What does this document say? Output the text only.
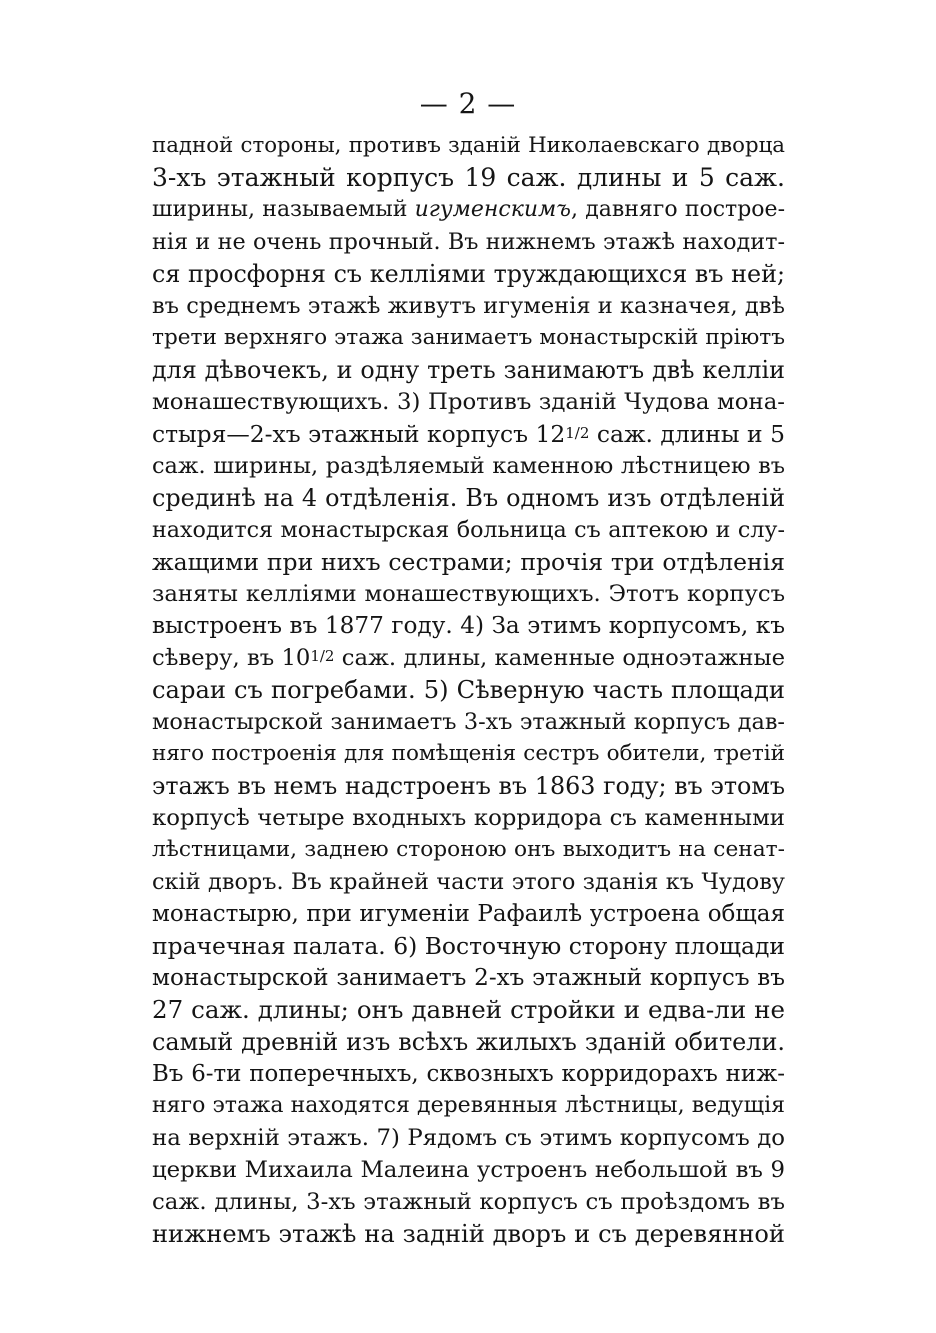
— 2 —
падной стороны, противъ зданій Николаевскаго дворца
3-хъ этажный корпусъ 19 саж. длины и 5 саж.
ширины, называемый игуменскимъ, давняго построе-
нія и не очень прочный. Въ нижнемъ этажѣ находит-
ся просфорня съ келліями труждающихся въ ней;
въ среднемъ этажѣ живутъ игуменія и казначея, двѣ
трети верхняго этажа занимаетъ монастырскій пріютъ
для дѣвочекъ, и одну треть занимаютъ двѣ келліи
монашествующихъ. 3) Противъ зданій Чудова мона-
стыря—2-хъ этажный корпусъ 121/2 саж. длины и 5
саж. ширины, раздѣляемый каменною лѣстницею въ
срединѣ на 4 отдѣленія. Въ одномъ изъ отдѣленій
находится монастырская больница съ аптекою и слу-
жащими при нихъ сестрами; прочія три отдѣленія
заняты келліями монашествующихъ. Этотъ корпусъ
выстроенъ въ 1877 году. 4) За этимъ корпусомъ, къ
сѣверу, въ 101/2 саж. длины, каменные одноэтажные
сараи съ погребами. 5) Сѣверную часть площади
монастырской занимаетъ 3-хъ этажный корпусъ дав-
няго построенія для помѣщенія сестръ обители, третій
этажъ въ немъ надстроенъ въ 1863 году; въ этомъ
корпусѣ четыре входныхъ корридора съ каменными
лѣстницами, заднею стороною онъ выходитъ на сенат-
скій дворъ. Въ крайней части этого зданія къ Чудову
монастырю, при игуменіи Рафаилѣ устроена общая
прачечная палата. 6) Восточную сторону площади
монастырской занимаетъ 2-хъ этажный корпусъ въ
27 саж. длины; онъ давней стройки и едва-ли не
самый древній изъ всѣхъ жилыхъ зданій обители.
Въ 6-ти поперечныхъ, сквозныхъ корридорахъ ниж-
няго этажа находятся деревянныя лѣстницы, ведущія
на верхній этажъ. 7) Рядомъ съ этимъ корпусомъ до
церкви Михаила Малеина устроенъ небольшой въ 9
саж. длины, 3-хъ этажный корпусъ съ проѣздомъ въ
нижнемъ этажѣ на задній дворъ и съ деревянной
